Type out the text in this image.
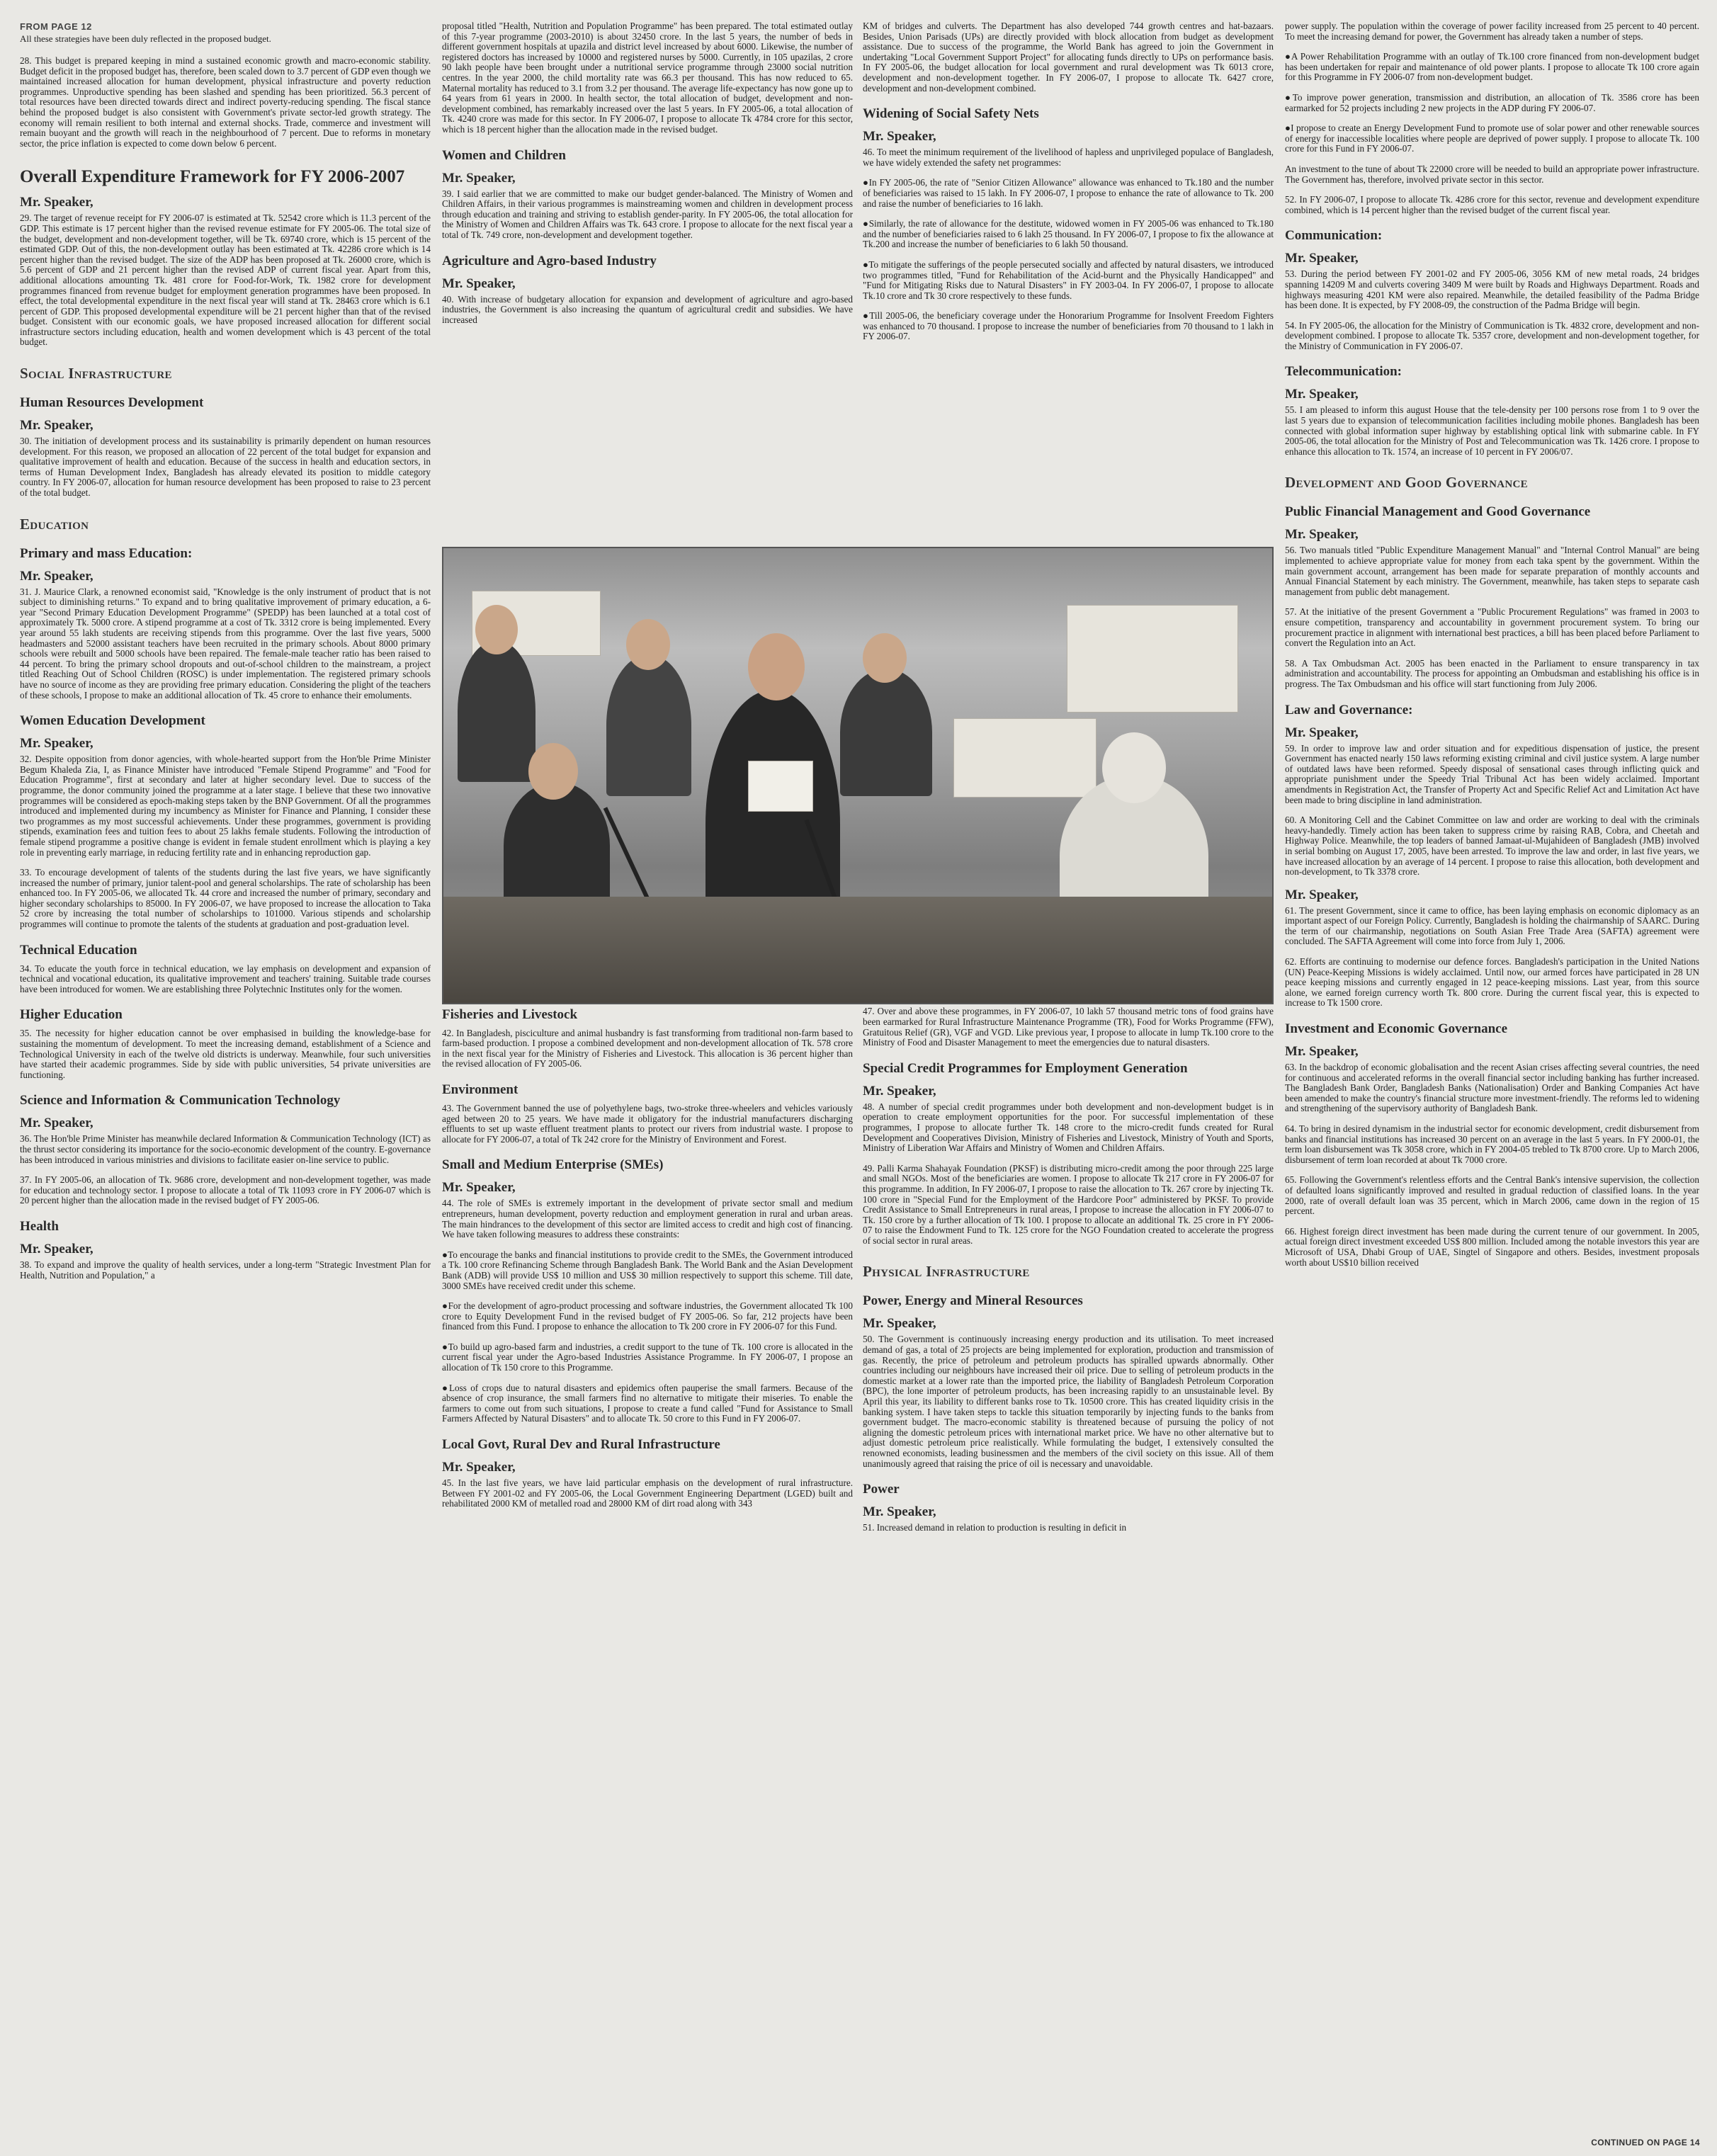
FROM PAGE 12
All these strategies have been duly reflected in the proposed budget.

28. This budget is prepared keeping in mind a sustained economic growth and macro-economic stability. Budget deficit in the proposed budget has, therefore, been scaled down to 3.7 percent of GDP even though we maintained increased allocation for human development, physical infrastructure and poverty reduction programmes. Unproductive spending has been slashed and spending has been prioritized. 56.3 percent of total resources have been directed towards direct and indirect poverty-reducing spending. The fiscal stance behind the proposed budget is also consistent with Government's private sector-led growth strategy. The economy will remain resilient to both internal and external shocks. Trade, commerce and investment will remain buoyant and the growth will reach in the neighbourhood of 7 percent. Due to reforms in monetary sector, the price inflation is expected to come down below 6 percent.

Overall Expenditure Framework for FY 2006-2007
Mr. Speaker,

29. The target of revenue receipt for FY 2006-07 is estimated at Tk. 52542 crore which is 11.3 percent of the GDP. This estimate is 17 percent higher than the revised revenue estimate for FY 2005-06. The total size of the budget, development and non-development together, will be Tk. 69740 crore, which is 15 percent of the estimated GDP. Out of this, the non-development outlay has been estimated at Tk. 42286 crore which is 14 percent higher than the revised budget. The size of the ADP has been proposed at Tk. 26000 crore, which is 5.6 percent of GDP and 21 percent higher than the revised ADP of current fiscal year. Apart from this, additional allocations amounting Tk. 481 crore for Food-for-Work, Tk. 1982 crore for development programmes financed from revenue budget for employment generation programmes have been proposed. In effect, the total developmental expenditure in the next fiscal year will stand at Tk. 28463 crore which is 6.1 percent of GDP. This proposed developmental expenditure will be 21 percent higher than that of the revised budget. Consistent with our economic goals, we have proposed increased allocation for different social infrastructure sectors including education, health and women development which is 43 percent of the total budget.

Social Infrastructure
Human Resources Development
Mr. Speaker,

30. The initiation of development process and its sustainability is primarily dependent on human resources development. For this reason, we proposed an allocation of 22 percent of the total budget for expansion and qualitative improvement of health and education. Because of the success in health and education sectors, in terms of Human Development Index, Bangladesh has already elevated its position to middle category country. In FY 2006-07, allocation for human resource development has been proposed to raise to 23 percent of the total budget.

Education
Primary and mass Education:
Mr. Speaker,

31. J. Maurice Clark, a renowned economist said, "Knowledge is the only instrument of product that is not subject to diminishing returns." To expand and to bring qualitative improvement of primary education, a 6-year "Second Primary Education Development Programme" (SPEDP) has been launched at a total cost of approximately Tk. 5000 crore. A stipend programme at a cost of Tk. 3312 crore is being implemented. Every year around 55 lakh students are receiving stipends from this programme. Over the last five years, 5000 headmasters and 52000 assistant teachers have been recruited in the primary schools. About 8000 primary schools were rebuilt and 5000 schools have been repaired. The female-male teacher ratio has been raised to 44 percent. To bring the primary school dropouts and out-of-school children to the mainstream, a project titled Reaching Out of School Children (ROSC) is under implementation. The registered primary schools have no source of income as they are providing free primary education. Considering the plight of the teachers of these schools, I propose to make an additional allocation of Tk. 45 crore to enhance their emoluments.

Women Education Development
Mr. Speaker,

32. Despite opposition from donor agencies, with whole-hearted support from the Hon'ble Prime Minister Begum Khaleda Zia, I, as Finance Minister have introduced "Female Stipend Programme" and "Food for Education Programme", first at secondary and later at higher secondary level. Due to success of the programme, the donor community joined the programme at a later stage. I believe that these two innovative programmes will be considered as epoch-making steps taken by the BNP Government. Of all the programmes introduced and implemented during my incumbency as Minister for Finance and Planning, I consider these two programmes as my most successful achievements. Under these programmes, government is providing stipends, examination fees and tuition fees to about 25 lakhs female students. Following the introduction of female stipend programme a positive change is evident in female student enrollment which is playing a key role in preventing early marriage, in reducing fertility rate and in enhancing reproduction gap.

33. To encourage development of talents of the students during the last five years, we have significantly increased the number of primary, junior talent-pool and general scholarships. The rate of scholarship has been enhanced too. In FY 2005-06, we allocated Tk. 44 crore and increased the number of primary, secondary and higher secondary scholarships to 85000. In FY 2006-07, we have proposed to increase the allocation to Taka 52 crore by increasing the total number of scholarships to 101000. Various stipends and scholarship programmes will continue to promote the talents of the students at graduation and post-graduation level.

Technical Education

34. To educate the youth force in technical education, we lay emphasis on development and expansion of technical and vocational education, its qualitative improvement and teachers' training. Suitable trade courses have been introduced for women. We are establishing three Polytechnic Institutes only for the women.

Higher Education

35. The necessity for higher education cannot be over emphasised in building the knowledge-base for sustaining the momentum of development. To meet the increasing demand, establishment of a Science and Technological University in each of the twelve old districts is underway. Meanwhile, four such universities have started their academic programmes. Side by side with public universities, 54 private universities are functioning.

Science and Information & Communication Technology
Mr. Speaker,

36. The Hon'ble Prime Minister has meanwhile declared Information & Communication Technology (ICT) as the thrust sector considering its importance for the socio-economic development of the country. E-governance has been introduced in various ministries and divisions to facilitate easier on-line service to public.

37. In FY 2005-06, an allocation of Tk. 9686 crore, development and non-development together, was made for education and technology sector. I propose to allocate a total of Tk 11093 crore in FY 2006-07 which is 20 percent higher than the allocation made in the revised budget of FY 2005-06.

Health
Mr. Speaker,

38. To expand and improve the quality of health services, under a long-term "Strategic Investment Plan for Health, Nutrition and Population," a

proposal titled "Health, Nutrition and Population Programme" has been prepared. The total estimated outlay of this 7-year programme (2003-2010) is about 32450 crore. In the last 5 years, the number of beds in different government hospitals at upazila and district level increased by about 6000. Likewise, the number of registered doctors has increased by 10000 and registered nurses by 5000. Currently, in 105 upazilas, 2 crore 90 lakh people have been brought under a nutritional service programme through 23000 social nutrition centres. In the year 2000, the child mortality rate was 66.3 per thousand. This has now reduced to 65. Maternal mortality has reduced to 3.1 from 3.2 per thousand. The average life-expectancy has now gone up to 64 years from 61 years in 2000. In health sector, the total allocation of budget, development and non-development combined, has remarkably increased over the last 5 years. In FY 2005-06, a total allocation of Tk. 4240 crore was made for this sector. In FY 2006-07, I propose to allocate Tk 4784 crore for this sector, which is 18 percent higher than the allocation made in the revised budget.

Women and Children
Mr. Speaker,

39. I said earlier that we are committed to make our budget gender-balanced. The Ministry of Women and Children Affairs, in their various programmes is mainstreaming women and children in development process through education and training and striving to establish gender-parity. In FY 2005-06, the total allocation for the Ministry of Women and Children Affairs was Tk. 643 crore. I propose to allocate for the next fiscal year a total of Tk. 749 crore, non-development and development together.

Agriculture and Agro-based Industry
Mr. Speaker,

40. With increase of budgetary allocation for expansion and development of agriculture and agro-based industries, the Government is also increasing the quantum of agricultural credit and subsidies. We have increased

Fisheries and Livestock

42. In Bangladesh, pisciculture and animal husbandry is fast transforming from traditional non-farm based to farm-based production. I propose a combined development and non-development allocation of Tk. 578 crore in the next fiscal year for the Ministry of Fisheries and Livestock. This allocation is 36 percent higher than the revised allocation of FY 2005-06.

Environment

43. The Government banned the use of polyethylene bags, two-stroke three-wheelers and vehicles variously aged between 20 to 25 years. We have made it obligatory for the industrial manufacturers discharging effluents to set up waste effluent treatment plants to protect our rivers from industrial waste. I propose to allocate for FY 2006-07, a total of Tk 242 crore for the Ministry of Environment and Forest.

Small and Medium Enterprise (SMEs)
Mr. Speaker,

44. The role of SMEs is extremely important in the development of private sector small and medium entrepreneurs, human development, poverty reduction and employment generation in rural and urban areas. The main hindrances to the development of this sector are limited access to credit and high cost of financing. We have taken following measures to address these constraints:

● To encourage the banks and financial institutions to provide credit to the SMEs, the Government introduced a Tk. 100 crore Refinancing Scheme through Bangladesh Bank. The World Bank and the Asian Development Bank (ADB) will provide US$ 10 million and US$ 30 million respectively to support this scheme. Till date, 3000 SMEs have received credit under this scheme.

● For the development of agro-product processing and software industries, the Government allocated Tk 100 crore to Equity Development Fund in the revised budget of FY 2005-06. So far, 212 projects have been financed from this Fund. I propose to enhance the allocation to Tk 200 crore in FY 2006-07 for this Fund.

● To build up agro-based farm and industries, a credit support to the tune of Tk. 100 crore is allocated in the current fiscal year under the Agro-based Industries Assistance Programme. In FY 2006-07, I propose an allocation of Tk 150 crore to this Programme.

● Loss of crops due to natural disasters and epidemics often pauperise the small farmers. Because of the absence of crop insurance, the small farmers find no alternative to mitigate their miseries. To enable the farmers to come out from such situations, I propose to create a fund called "Fund for Assistance to Small Farmers Affected by Natural Disasters" and to allocate Tk. 50 crore to this Fund in FY 2006-07.

Local Govt, Rural Dev and Rural Infrastructure
Mr. Speaker,

45. In the last five years, we have laid particular emphasis on the development of rural infrastructure. Between FY 2001-02 and FY 2005-06, the Local Government Engineering Department (LGED) built and rehabilitated 2000 KM of metalled road and 28000 KM of dirt road along with 343

KM of bridges and culverts. The Department has also developed 744 growth centres and hat-bazaars. Besides, Union Parisads (UPs) are directly provided with block allocation from budget as development assistance. Due to success of the programme, the World Bank has agreed to join the Government in undertaking "Local Government Support Project" for allocating funds directly to UPs on performance basis. In FY 2005-06, the budget allocation for local government and rural development was Tk 6013 crore, development and non-development together. In FY 2006-07, I propose to allocate Tk. 6427 crore, development and non-development combined.

Widening of Social Safety Nets
Mr. Speaker,

46. To meet the minimum requirement of the livelihood of hapless and unprivileged populace of Bangladesh, we have widely extended the safety net programmes:

● In FY 2005-06, the rate of "Senior Citizen Allowance" allowance was enhanced to Tk.180 and the number of beneficiaries was raised to 15 lakh. In FY 2006-07, I propose to enhance the rate of allowance to Tk. 200 and raise the number of beneficiaries to 16 lakh.

● Similarly, the rate of allowance for the destitute, widowed women in FY 2005-06 was enhanced to Tk.180 and the number of beneficiaries raised to 6 lakh 25 thousand. In FY 2006-07, I propose to fix the allowance at Tk.200 and increase the number of beneficiaries to 6 lakh 50 thousand.

● To mitigate the sufferings of the people persecuted socially and affected by natural disasters, we introduced two programmes titled, "Fund for Rehabilitation of the Acid-burnt and the Physically Handicapped" and "Fund for Mitigating Risks due to Natural Disasters" in FY 2003-04. In FY 2006-07, I propose to allocate Tk.10 crore and Tk 30 crore respectively to these funds.

● Till 2005-06, the beneficiary coverage under the Honorarium Programme for Insolvent Freedom Fighters was enhanced to 70 thousand. I propose to increase the number of beneficiaries from 70 thousand to 1 lakh in FY 2006-07.

●

●

●

●

●

47. Over and above these programmes, in FY 2006-07, 10 lakh 57 thousand metric tons of food grains have been earmarked for Rural Infrastructure Maintenance Programme (TR), Food for Works Programme (FFW), Gratuitous Relief (GR), VGF and VGD. Like previous year, I propose to allocate in lump Tk.100 crore to the Ministry of Food and Disaster Management to meet the emergencies due to natural disasters.

Special Credit Programmes for Employment Generation
Mr. Speaker,

48. A number of special credit programmes under both development and non-development budget is in operation to create employment opportunities for the poor. For successful implementation of these programmes, I propose to allocate further Tk. 148 crore to the micro-credit funds created for Rural Development and Cooperatives Division, Ministry of Fisheries and Livestock, Ministry of Youth and Sports, Ministry of Liberation War Affairs and Ministry of Women and Children Affairs.

49. Palli Karma Shahayak Foundation (PKSF) is distributing micro-credit among the poor through 225 large and small NGOs. Most of the beneficiaries are women. I propose to allocate Tk 217 crore in FY 2006-07 for this programme. In addition, In FY 2006-07, I propose to raise the allocation to Tk. 267 crore by injecting Tk. 100 crore in "Special Fund for the Employment of the Hardcore Poor" administered by PKSF. To provide Credit Assistance to Small Entrepreneurs in rural areas, I propose to increase the allocation in FY 2006-07 to Tk. 150 crore by a further allocation of Tk 100. I propose to allocate an additional Tk. 25 crore in FY 2006-07 to raise the Endowment Fund to Tk. 125 crore for the NGO Foundation created to accelerate the progress of social sector in rural areas.

Physical Infrastructure
Power, Energy and Mineral Resources
Mr. Speaker,

50. The Government is continuously increasing energy production and its utilisation. To meet increased demand of gas, a total of 25 projects are being implemented for exploration, production and transmission of gas. Recently, the price of petroleum and petroleum products has spiralled upwards abnormally. Other countries including our neighbours have increased their oil price. Due to selling of petroleum products in the domestic market at a lower rate than the imported price, the liability of Bangladesh Petroleum Corporation (BPC), the lone importer of petroleum products, has been increasing rapidly to an unsustainable level. By April this year, its liability to different banks rose to Tk. 10500 crore. This has created liquidity crisis in the banking system. I have taken steps to tackle this situation temporarily by injecting funds to the banks from government budget. The macro-economic stability is threatened because of pursuing the policy of not aligning the domestic petroleum prices with international market price. We have no other alternative but to adjust domestic petroleum price realistically. While formulating the budget, I extensively consulted the renowned economists, leading businessmen and the members of the civil society on this issue. All of them unanimously agreed that raising the price of oil is necessary and unavoidable.

Power
Mr. Speaker,

51. Increased demand in relation to production is resulting in deficit in

power supply. The population within the coverage of power facility increased from 25 percent to 40 percent. To meet the increasing demand for power, the Government has already taken a number of steps.

● A Power Rehabilitation Programme with an outlay of Tk.100 crore financed from non-development budget has been undertaken for repair and maintenance of old power plants. I propose to allocate Tk 100 crore again for this Programme in FY 2006-07 from non-development budget.

● To improve power generation, transmission and distribution, an allocation of Tk. 3586 crore has been earmarked for 52 projects including 2 new projects in the ADP during FY 2006-07.

● I propose to create an Energy Development Fund to promote use of solar power and other renewable sources of energy for inaccessible localities where people are deprived of power supply. I propose to allocate Tk. 100 crore for this Fund in FY 2006-07.

An investment to the tune of about Tk 22000 crore will be needed to build an appropriate power infrastructure. The Government has, therefore, involved private sector in this sector.

52. In FY 2006-07, I propose to allocate Tk. 4286 crore for this sector, revenue and development expenditure combined, which is 14 percent higher than the revised budget of the current fiscal year.

Communication:
Mr. Speaker,

53. During the period between FY 2001-02 and FY 2005-06, 3056 KM of new metal roads, 24 bridges spanning 14209 M and culverts covering 3409 M were built by Roads and Highways Department. Roads and highways measuring 4201 KM were also repaired. Meanwhile, the detailed feasibility of the Padma Bridge has been done. It is expected, by FY 2008-09, the construction of the Padma Bridge will begin.

54. In FY 2005-06, the allocation for the Ministry of Communication is Tk. 4832 crore, development and non-development combined. I propose to allocate Tk. 5357 crore, development and non-development together, for the Ministry of Communication in FY 2006-07.

Telecommunication:
Mr. Speaker,

55. I am pleased to inform this august House that the tele-density per 100 persons rose from 1 to 9 over the last 5 years due to expansion of telecommunication facilities including mobile phones. Bangladesh has been connected with global information super highway by establishing optical link with submarine cable. In FY 2005-06, the total allocation for the Ministry of Post and Telecommunication was Tk. 1426 crore. I propose to enhance this allocation to Tk. 1574, an increase of 10 percent in FY 2006/07.

Development and Good Governance
Public Financial Management and Good Governance
Mr. Speaker,

56. Two manuals titled "Public Expenditure Management Manual" and "Internal Control Manual" are being implemented to achieve appropriate value for money from each taka spent by the government. Within the main government account, arrangement has been made for separate preparation of monthly accounts and Annual Financial Statement by each ministry. The Government, meanwhile, has taken steps to separate cash management from public debt management.

57. At the initiative of the present Government a "Public Procurement Regulations" was framed in 2003 to ensure competition, transparency and accountability in government procurement system. To bring our procurement practice in alignment with international best practices, a bill has been placed before Parliament to convert the Regulation into an Act.

58. A Tax Ombudsman Act. 2005 has been enacted in the Parliament to ensure transparency in tax administration and accountability. The process for appointing an Ombudsman and establishing his office is in progress. The Tax Ombudsman and his office will start functioning from July 2006.

Law and Governance:
Mr. Speaker,

59. In order to improve law and order situation and for expeditious dispensation of justice, the present Government has enacted nearly 150 laws reforming existing criminal and civil justice system. A large number of outdated laws have been reformed. Speedy disposal of sensational cases through inflicting quick and appropriate punishment under the Speedy Trial Tribunal Act has been widely acclaimed. Important amendments in Registration Act, the Transfer of Property Act and Specific Relief Act and Limitation Act have been made to bring discipline in land administration.

60. A Monitoring Cell and the Cabinet Committee on law and order are working to deal with the criminals heavy-handedly. Timely action has been taken to suppress crime by raising RAB, Cobra, and Cheetah and Highway Police. Meanwhile, the top leaders of banned Jamaat-ul-Mujahideen of Bangladesh (JMB) involved in serial bombing on August 17, 2005, have been arrested. To improve the law and order, in last five years, we have increased allocation by an average of 14 percent. I propose to raise this allocation, both development and non-development, to Tk 3378 crore.

Mr. Speaker,

61. The present Government, since it came to office, has been laying emphasis on economic diplomacy as an important aspect of our Foreign Policy. Currently, Bangladesh is holding the chairmanship of SAARC. During the term of our chairmanship, negotiations on South Asian Free Trade Area (SAFTA) agreement were concluded. The SAFTA Agreement will come into force from July 1, 2006.

62. Efforts are continuing to modernise our defence forces. Bangladesh's participation in the United Nations (UN) Peace-Keeping Missions is widely acclaimed. Until now, our armed forces have participated in 28 UN peace keeping missions and currently engaged in 12 peace-keeping missions. Last year, from this source alone, we earned foreign currency worth Tk. 800 crore. During the current fiscal year, this is expected to increase to Tk 1500 crore.

Investment and Economic Governance
Mr. Speaker,

63. In the backdrop of economic globalisation and the recent Asian crises affecting several countries, the need for continuous and accelerated reforms in the overall financial sector including banking has further increased. The Bangladesh Bank Order, Bangladesh Banks (Nationalisation) Order and Banking Companies Act have been amended to make the country's financial structure more investment-friendly. The reforms led to widening and strengthening of the supervisory authority of Bangladesh Bank.

64. To bring in desired dynamism in the industrial sector for economic development, credit disbursement from banks and financial institutions has increased 30 percent on an average in the last 5 years. In FY 2000-01, the term loan disbursement was Tk 3058 crore, which in FY 2004-05 trebled to Tk 8700 crore. Up to March 2006, disbursement of term loan recorded at about Tk 7000 crore.

65. Following the Government's relentless efforts and the Central Bank's intensive supervision, the collection of defaulted loans significantly improved and resulted in gradual reduction of classified loans. In the year 2000, rate of overall default loan was 35 percent, which in March 2006, came down in the region of 15 percent.

66. Highest foreign direct investment has been made during the current tenure of our government. In 2005, actual foreign direct investment exceeded US$ 800 million. Included among the notable investors this year are Microsoft of USA, Dhabi Group of UAE, Singtel of Singapore and others. Besides, investment proposals worth about US$10 billion received

CONTINUED ON PAGE 14
